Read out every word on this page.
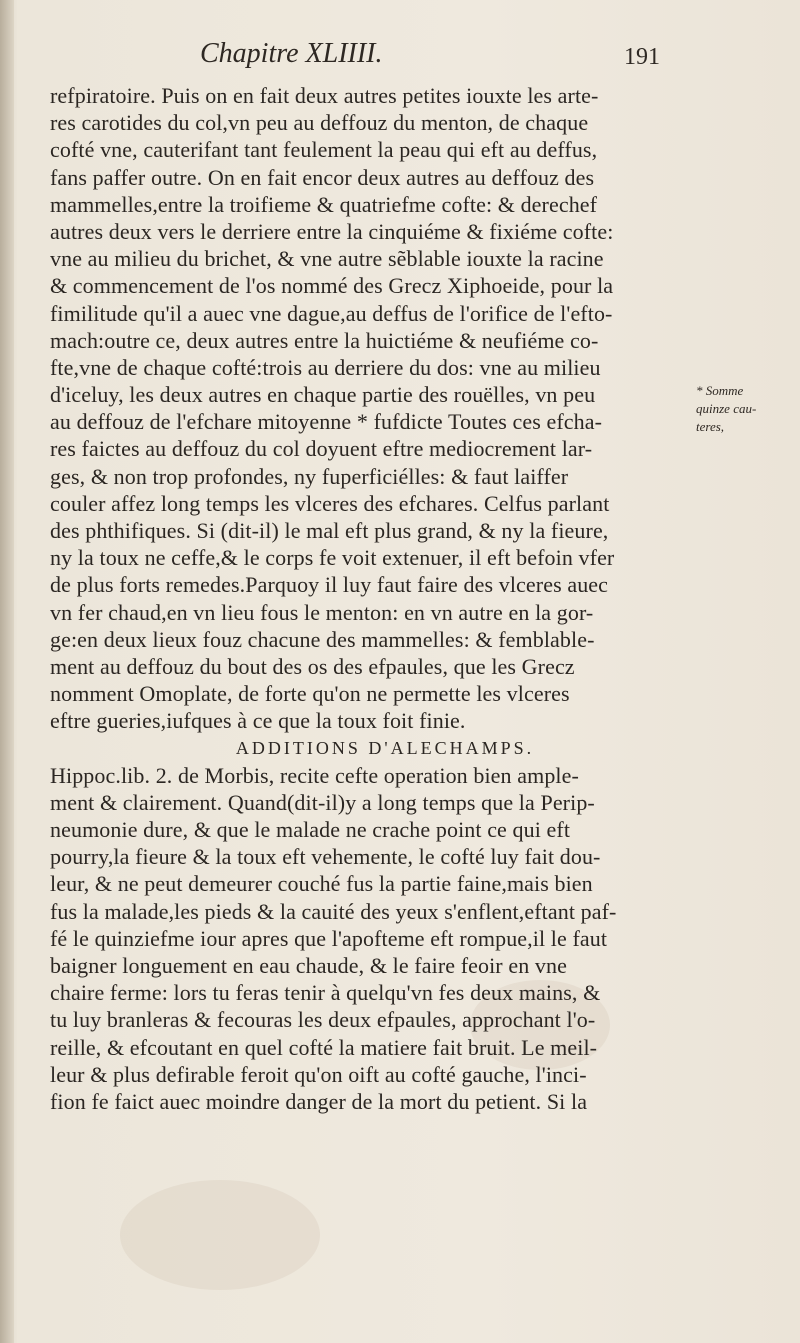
Chapitre XLIIII.	191
refpiratoire. Puis on en fait deux autres petites iouxte les arte-
res carotides du col,vn peu au deffouz du menton, de chaque
cofté vne, cauterifant tant feulement la peau qui eft au deffus,
fans paffer outre. On en fait encor deux autres au deffouz des
mammelles,entre la troifieme & quatriefme cofte: & derechef
autres deux vers le derriere entre la cinquiéme & fixiéme cofte:
vne au milieu du brichet, & vne autre sẽblable iouxte la racine
& commencement de l'os nommé des Grecz Xiphoeide, pour la
fimilitude qu'il a auec vne dague,au deffus de l'orifice de l'efto-
mach:outre ce, deux autres entre la huictiéme & neufiéme co-
fte,vne de chaque cofté:trois au derriere du dos: vne au milieu
d'iceluy, les deux autres en chaque partie des rouëlles, vn peu
au deffouz de l'efchare mitoyenne * fufdicte Toutes ces efcha-
res faictes au deffouz du col doyuent eftre mediocrement lar-
ges, & non trop profondes, ny fuperficiélles: & faut laiffer
couler affez long temps les vlceres des efchares. Celfus parlant
des phthifiques. Si (dit-il) le mal eft plus grand, & ny la fieure,
ny la toux ne ceffe,& le corps fe voit extenuer, il eft befoin vfer
de plus forts remedes.Parquoy il luy faut faire des vlceres auec
vn fer chaud,en vn lieu fous le menton: en vn autre en la gor-
ge:en deux lieux fouz chacune des mammelles: & femblable-
ment au deffouz du bout des os des efpaules, que les Grecz
nomment Omoplate, de forte qu'on ne permette les vlceres
eftre gueries,iufques à ce que la toux foit finie.
ADDITIONS D'ALECHAMPS.
Hippoc.lib. 2. de Morbis, recite cefte operation bien ample-
ment & clairement. Quand(dit-il)y a long temps que la Perip-
neumonie dure, & que le malade ne crache point ce qui eft
pourry,la fieure & la toux eft vehemente, le cofté luy fait dou-
leur, & ne peut demeurer couché fus la partie faine,mais bien
fus la malade,les pieds & la cauité des yeux s'enflent,eftant paf-
fé le quinziefme iour apres que l'apofteme eft rompue,il le faut
baigner longuement en eau chaude, & le faire feoir en vne
chaire ferme: lors tu feras tenir à quelqu'vn fes deux mains, &
tu luy branleras & fecouras les deux efpaules, approchant l'o-
reille, & efcoutant en quel cofté la matiere fait bruit. Le meil-
leur & plus defirable feroit qu'on oift au cofté gauche, l'inci-
fion fe faict auec moindre danger de la mort du petient. Si la
* Somme
quinze cau-
teres,
